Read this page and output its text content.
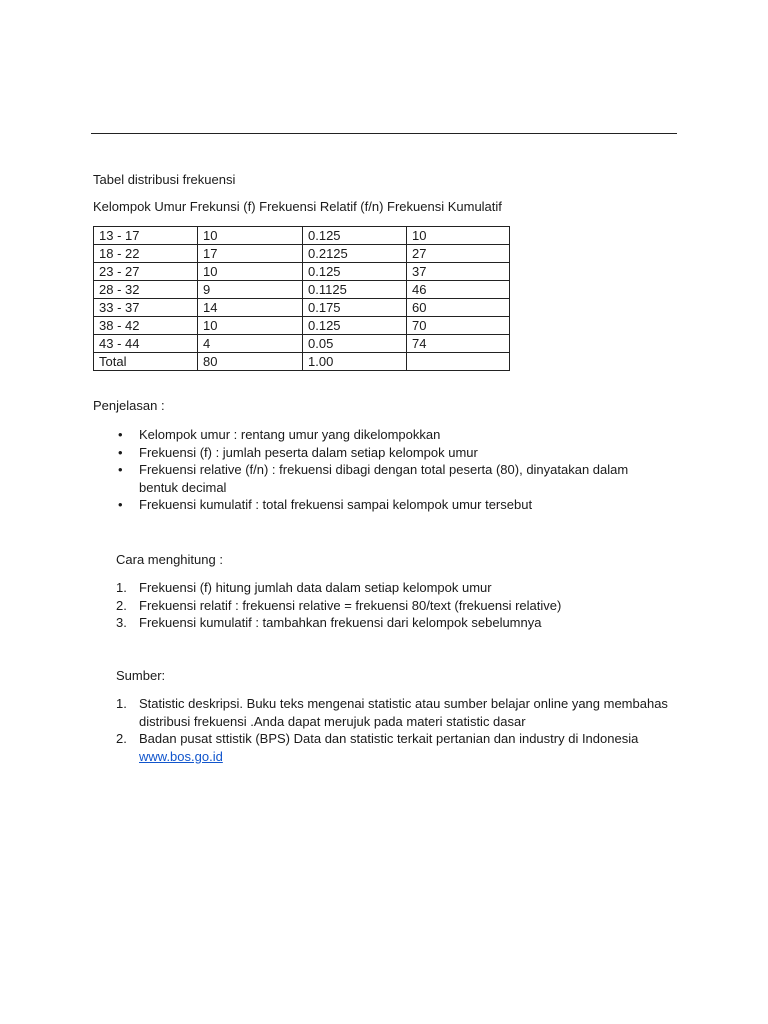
Tabel distribusi frekuensi
Kelompok Umur Frekunsi (f) Frekuensi Relatif (f/n) Frekuensi Kumulatif
13 - 17	10	0.125	10
18 - 22	17	0.2125	27
23 - 27	10	0.125	37
28 - 32	9	0.1125	46
33 - 37	14	0.175	60
38 - 42	10	0.125	70
43 - 44	4	0.05	74
Total	80	1.00	
Penjelasan :
• Kelompok umur : rentang umur yang dikelompokkan
• Frekuensi (f) : jumlah peserta dalam setiap kelompok umur
• Frekuensi relative (f/n) : frekuensi dibagi dengan total peserta (80), dinyatakan dalam bentuk decimal
• Frekuensi kumulatif : total frekuensi sampai kelompok umur tersebut
Cara menghitung :
1. Frekuensi (f) hitung jumlah data dalam setiap kelompok umur
2. Frekuensi relatif : frekuensi relative = frekuensi 80/text (frekuensi relative)
3. Frekuensi kumulatif : tambahkan frekuensi dari kelompok sebelumnya
Sumber:
1. Statistic deskripsi. Buku teks mengenai statistic atau sumber belajar online yang membahas distribusi frekuensi .Anda dapat merujuk pada materi statistic dasar
2. Badan pusat sttistik (BPS) Data dan statistic terkait pertanian dan industry di Indonesia
www.bos.go.id
